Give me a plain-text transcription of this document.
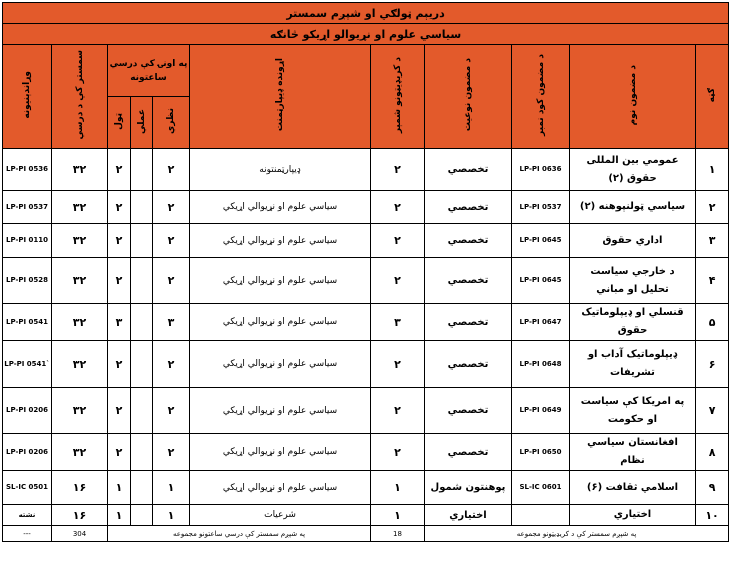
دريېم ټولګي او شپږم سمستر										
سياسي علوم او نړيوالو اړيکو څانګه										
وړاندېنیونه	سمستر کې د درسي	په اونۍ کې درسي ساعتونه			اړونده ډیپارټمنت	د کریډیټونو شمېر	د مضمون نوعیت	د مضمون کود نمبر	د مضمون نوم	ګڼه
		ټول	عملي	نظري						
LP-PI 0536	۳۲	۲		۲	ډیپارټمنتونه	۲	تخصصي	LP-PI 0636	عمومي بین المللی حقوق (۲)	۱
LP-PI 0537	۳۲	۲		۲	سياسي علوم او نړيوالي اړيکي	۲	تخصصي	LP-PI 0537	سیاسي ټولنپوهنه (۲)	۲
LP-PI 0110	۳۲	۲		۲	سياسي علوم او نړيوالي اړيکي	۲	تخصصي	LP-PI 0645	اداري حقوق	۳
LP-PI 0528	۳۲	۲		۲	سياسي علوم او نړيوالي اړيکي	۲	تخصصي	LP-PI 0645	د خارجي سیاست تحلیل او مباني	۴
LP-PI 0541	۳۲	۳		۳	سياسي علوم او نړيوالي اړيکي	۳	تخصصي	LP-PI 0647	قنسلي او ډيپلوماتيک حقوق	۵
LP-PI 0541`	۳۲	۲		۲	سياسي علوم او نړيوالي اړيکي	۲	تخصصي	LP-PI 0648	ډیپلوماتیک آداب او تشریفات	۶
LP-PI 0206	۳۲	۲		۲	سياسي علوم او نړيوالي اړيکي	۲	تخصصي	LP-PI 0649	په امریکا کې سیاست او حکومت	۷
LP-PI 0206	۳۲	۲		۲	سياسي علوم او نړيوالي اړيکي	۲	تخصصي	LP-PI 0650	افغانستان سیاسي نظام	۸
SL-IC 0501	۱۶	۱		۱	سياسي علوم او نړيوالي اړيکي	۱	پوهنتون شمول	SL-IC 0601	اسلامي ثقافت (۶)	۹
نشته	۱۶	۱		۱	شرعيات	۱	اختياري		اختیاري	۱۰
---	304	په شپږم سمستر کې درسي ساعتونو مجموعه				18	په شپږم سمستر کې د کریډیټونو مجموعه			
